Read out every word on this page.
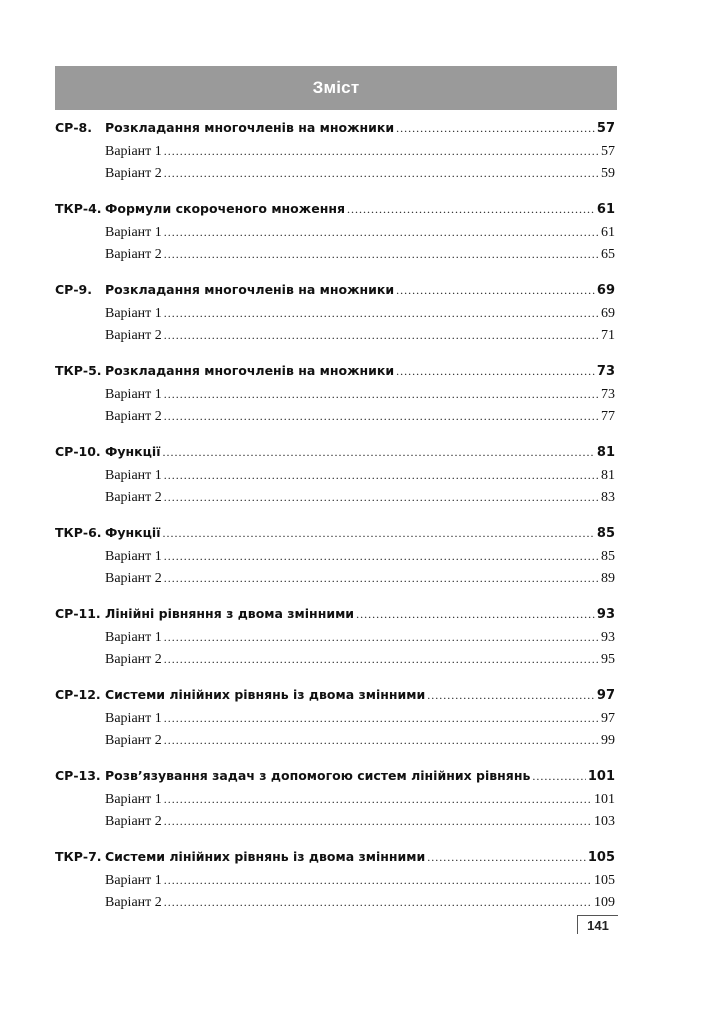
Зміст
СР-8.	Розкладання многочленів на множники .....	57
Варіант 1 .....	57
Варіант 2 .....	59
ТКР-4. Формули скороченого множення .....	61
Варіант 1 .....	61
Варіант 2 .....	65
СР-9.	Розкладання многочленів на множники .....	69
Варіант 1 .....	69
Варіант 2 .....	71
ТКР-5. Розкладання многочленів на множники .....	73
Варіант 1 .....	73
Варіант 2 .....	77
СР-10. Функції .....	81
Варіант 1 .....	81
Варіант 2 .....	83
ТКР-6. Функції .....	85
Варіант 1 .....	85
Варіант 2 .....	89
СР-11. Лінійні рівняння з двома змінними .....	93
Варіант 1 .....	93
Варіант 2 .....	95
СР-12. Системи лінійних рівнянь із двома змінними .....	97
Варіант 1 .....	97
Варіант 2 .....	99
СР-13. Розв’язування задач з допомогою систем лінійних рівнянь .....	101
Варіант 1 .....	101
Варіант 2 .....	103
ТКР-7. Системи лінійних рівнянь із двома змінними .....	105
Варіант 1 .....	105
Варіант 2 .....	109
141
